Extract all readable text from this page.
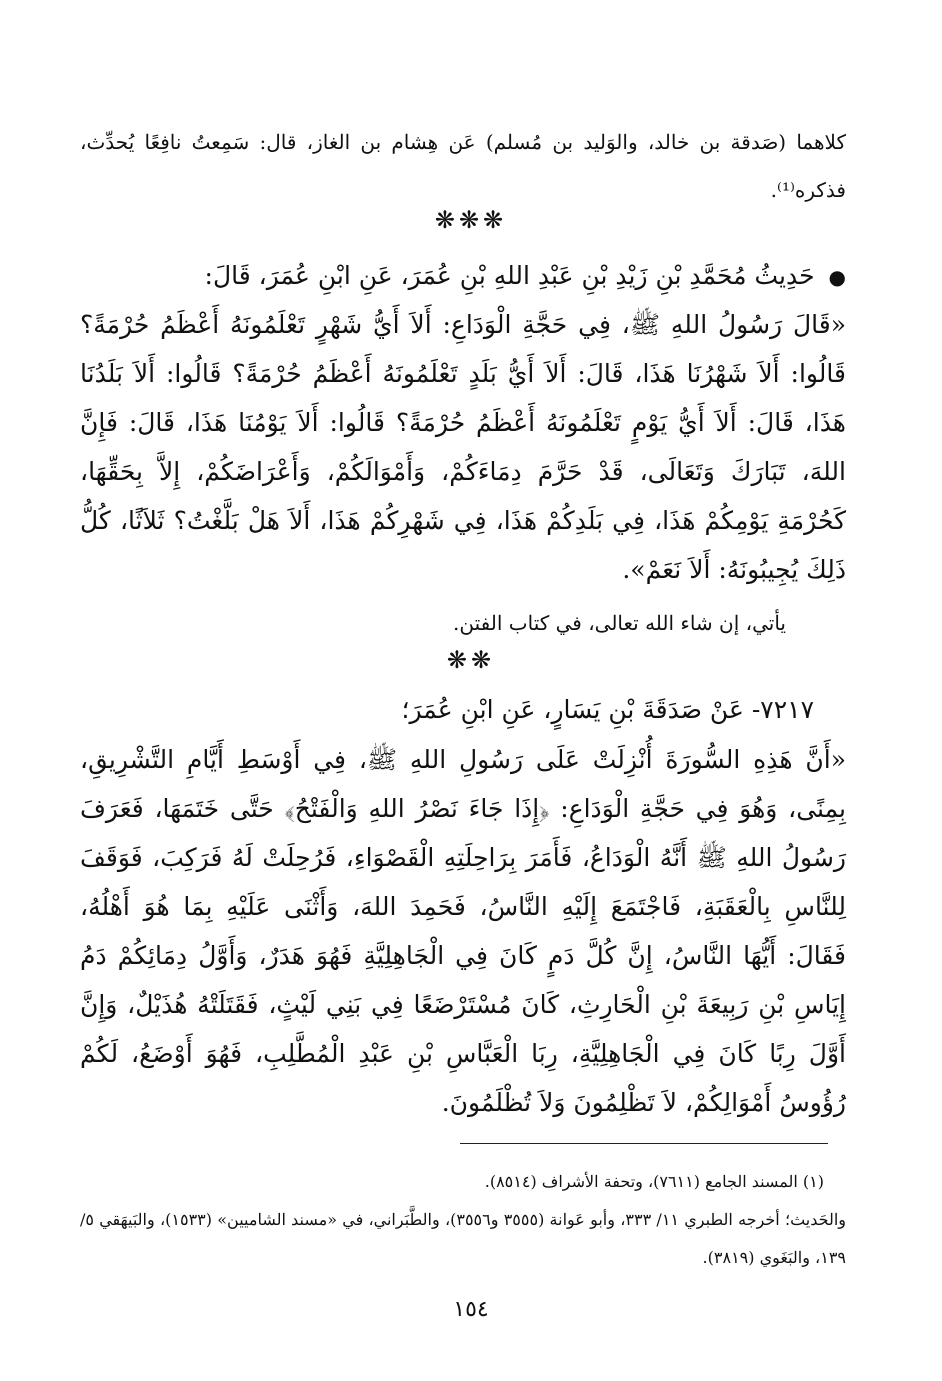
كلاهما (صَدقة بن خالد، والوَليد بن مُسلم) عَن هِشام بن الغاز، قال: سَمِعتُ نافِعًا يُحدِّث، فذكره⁽¹⁾.

❋❋❋

●حَدِيثُ مُحَمَّدِ بْنِ زَيْدِ بْنِ عَبْدِ اللهِ بْنِ عُمَرَ، عَنِ ابْنِ عُمَرَ، قَالَ:

«قَالَ رَسُولُ اللهِ ﷺ، فِي حَجَّةِ الْوَدَاعِ: أَلاَ أَيُّ شَهْرٍ تَعْلَمُونَهُ أَعْظَمُ حُرْمَةً؟ قَالُوا: أَلاَ شَهْرُنَا هَذَا، قَالَ: أَلاَ أَيُّ بَلَدٍ تَعْلَمُونَهُ أَعْظَمُ حُرْمَةً؟ قَالُوا: أَلاَ بَلَدُنَا هَذَا، قَالَ: أَلاَ أَيُّ يَوْمٍ تَعْلَمُونَهُ أَعْظَمُ حُرْمَةً؟ قَالُوا: أَلاَ يَوْمُنَا هَذَا، قَالَ: فَإِنَّ اللهَ، تَبَارَكَ وَتَعَالَى، قَدْ حَرَّمَ دِمَاءَكُمْ، وَأَمْوَالَكُمْ، وَأَعْرَاضَكُمْ، إِلاَّ بِحَقِّهَا، كَحُرْمَةِ يَوْمِكُمْ هَذَا، فِي بَلَدِكُمْ هَذَا، فِي شَهْرِكُمْ هَذَا، أَلاَ هَلْ بَلَّغْتُ؟ ثَلاَثًا، كُلُّ ذَلِكَ يُجِيبُونَهُ: أَلاَ نَعَمْ».

يأتي، إن شاء الله تعالى، في كتاب الفتن.

❋❋

٧٢١٧- عَنْ صَدَقَةَ بْنِ يَسَارٍ، عَنِ ابْنِ عُمَرَ؛

«أَنَّ هَذِهِ السُّورَةَ أُنْزِلَتْ عَلَى رَسُولِ اللهِ ﷺ، فِي أَوْسَطِ أَيَّامِ التَّشْرِيقِ، بِمِنًى، وَهُوَ فِي حَجَّةِ الْوَدَاعِ: ﴿إِذَا جَاءَ نَصْرُ اللهِ وَالْفَتْحُ﴾ حَتَّى خَتَمَهَا، فَعَرَفَ رَسُولُ اللهِ ﷺ أَنَّهُ الْوَدَاعُ، فَأَمَرَ بِرَاحِلَتِهِ الْقَصْوَاءِ، فَرُحِلَتْ لَهُ فَرَكِبَ، فَوَقَفَ لِلنَّاسِ بِالْعَقَبَةِ، فَاجْتَمَعَ إِلَيْهِ النَّاسُ، فَحَمِدَ اللهَ، وَأَثْنَى عَلَيْهِ بِمَا هُوَ أَهْلُهُ، فَقَالَ: أَيُّهَا النَّاسُ، إِنَّ كُلَّ دَمٍ كَانَ فِي الْجَاهِلِيَّةِ فَهُوَ هَدَرٌ، وَأَوَّلُ دِمَائِكُمْ دَمُ إِيَاسِ بْنِ رَبِيعَةَ بْنِ الْحَارِثِ، كَانَ مُسْتَرْضَعًا فِي بَنِي لَيْثٍ، فَقَتَلَتْهُ هُذَيْلٌ، وَإِنَّ أَوَّلَ رِبًا كَانَ فِي الْجَاهِلِيَّةِ، رِبَا الْعَبَّاسِ بْنِ عَبْدِ الْمُطَّلِبِ، فَهُوَ أَوْضَعُ، لَكُمْ رُؤُوسُ أَمْوَالِكُمْ، لاَ تَظْلِمُونَ وَلاَ تُظْلَمُونَ.

(١) المسند الجامع (٧٦١١)، وتحفة الأشراف (٨٥١٤).
والحَديث؛ أخرجه الطبري ١١/ ٣٣٣، وأبو عَوانة (٣٥٥٥ و٣٥٥٦)، والطَّبَراني، في «مسند الشاميين» (١٥٣٣)، والبَيهَقي ٥/ ١٣٩، والبَغَوي (٣٨١٩).
١٥٤
